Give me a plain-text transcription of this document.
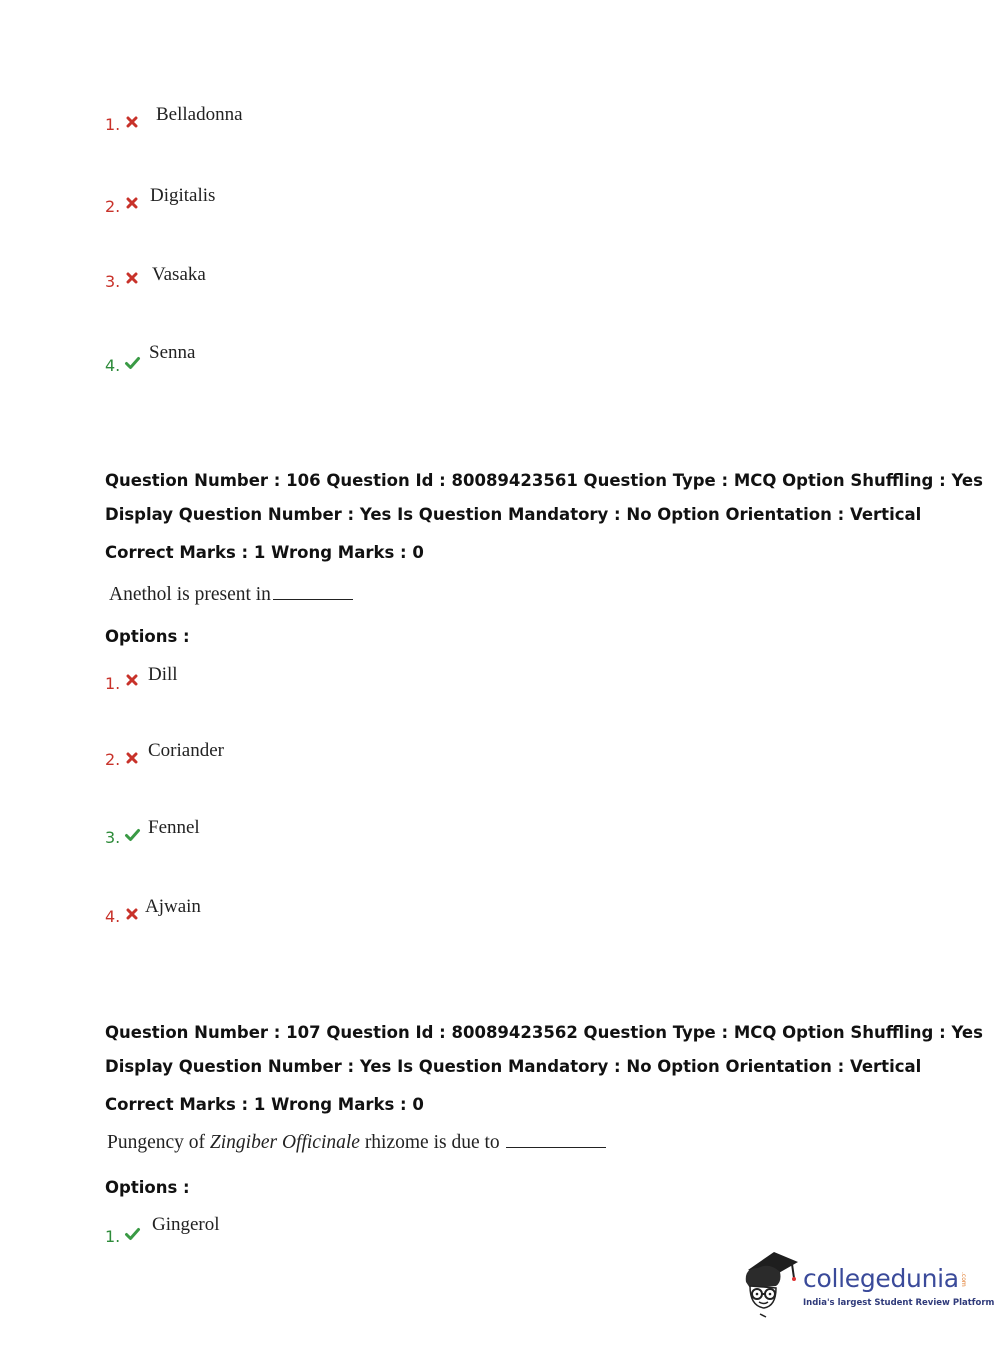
1. Belladonna
2.
Digitalis
3. Vasaka
4.
Senna
Question Number : 106 Question Id : 80089423561 Question Type : MCQ Option Shuffling : Yes
Display Question Number : Yes Is Question Mandatory : No Option Orientation : Vertical
Correct Marks : 1 Wrong Marks : 0
Anethol is present in
Options :
1. Dill
2. Coriander
3. Fennel
4. Ajwain
Question Number : 107 Question Id : 80089423562 Question Type : MCQ Option Shuffling : Yes
Display Question Number : Yes Is Question Mandatory : No Option Orientation : Vertical
Correct Marks : 1 Wrong Marks : 0
Pungency of Zingiber Officinale rhizome is due to
Options :
1.
Gingerol
collegedunia .com
India's largest Student Review Platform
